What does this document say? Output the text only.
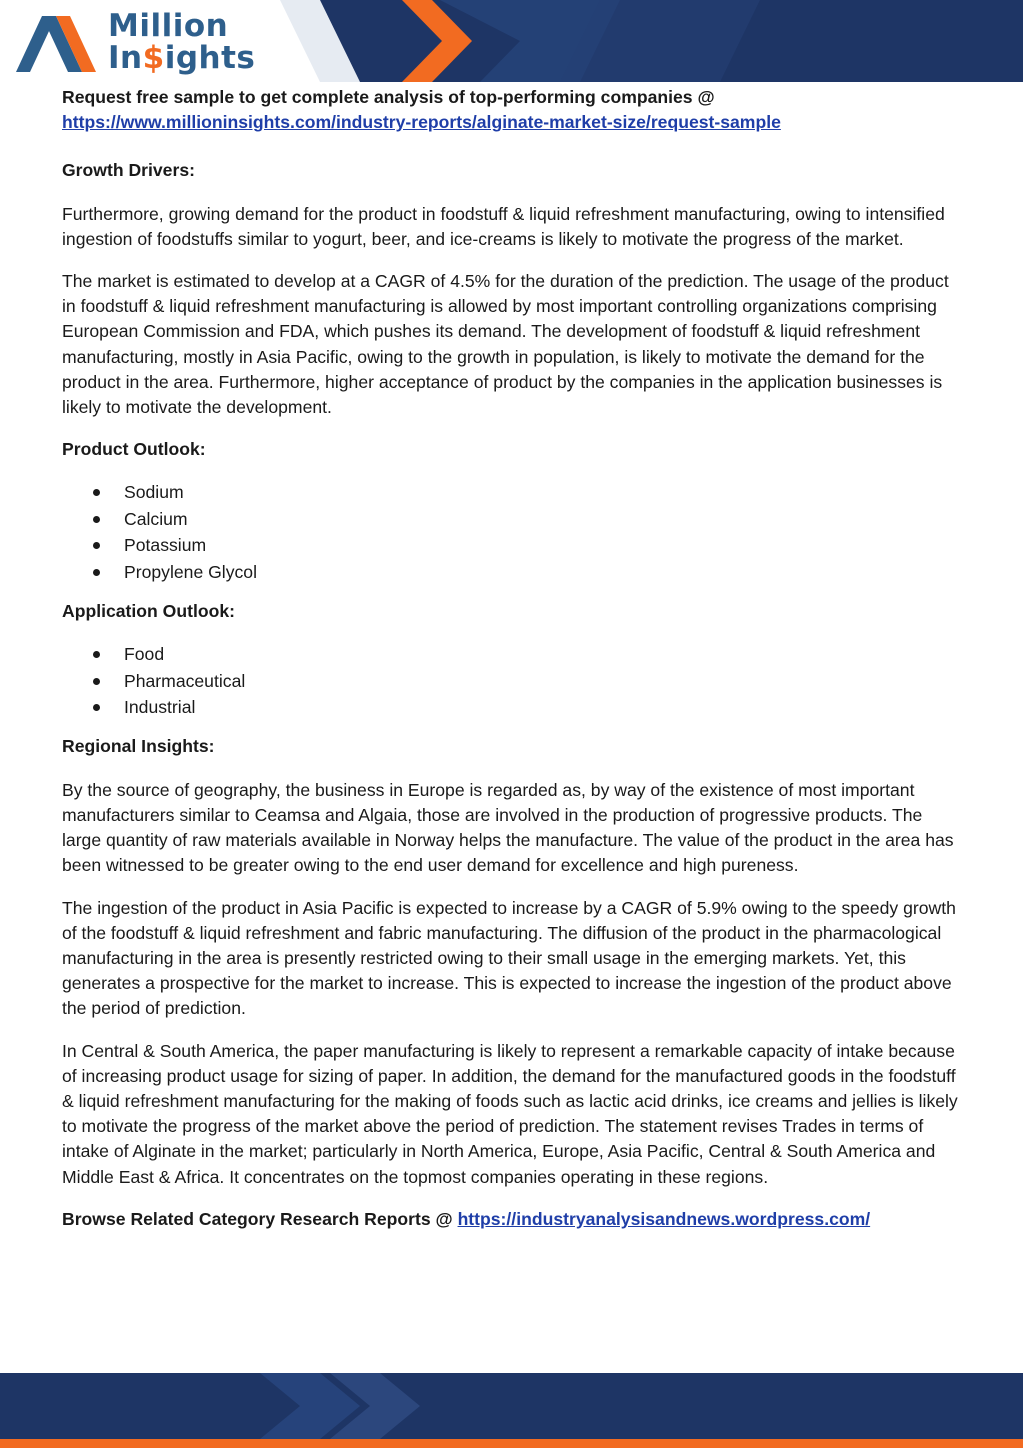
Million
In$ights

Request free sample to get complete analysis of top-performing companies @

https://www.millioninsights.com/industry-reports/alginate-market-size/request-sample

Growth Drivers:

Furthermore, growing demand for the product in foodstuff & liquid refreshment manufacturing, owing to intensified ingestion of foodstuffs similar to yogurt, beer, and ice-creams is likely to motivate the progress of the market.

The market is estimated to develop at a CAGR of 4.5% for the duration of the prediction. The usage of the product in foodstuff & liquid refreshment manufacturing is allowed by most important controlling organizations comprising European Commission and FDA, which pushes its demand. The development of foodstuff & liquid refreshment manufacturing, mostly in Asia Pacific, owing to the growth in population, is likely to motivate the demand for the product in the area. Furthermore, higher acceptance of product by the companies in the application businesses is likely to motivate the development.

Product Outlook:

Sodium
Calcium
Potassium
Propylene Glycol

Application Outlook:

Food
Pharmaceutical
Industrial

Regional Insights:

By the source of geography, the business in Europe is regarded as, by way of the existence of most important manufacturers similar to Ceamsa and Algaia, those are involved in the production of progressive products. The large quantity of raw materials available in Norway helps the manufacture. The value of the product in the area has been witnessed to be greater owing to the end user demand for excellence and high pureness.

The ingestion of the product in Asia Pacific is expected to increase by a CAGR of 5.9% owing to the speedy growth of the foodstuff & liquid refreshment and fabric manufacturing. The diffusion of the product in the pharmacological manufacturing in the area is presently restricted owing to their small usage in the emerging markets. Yet, this generates a prospective for the market to increase. This is expected to increase the ingestion of the product above the period of prediction.

In Central & South America, the paper manufacturing is likely to represent a remarkable capacity of intake because of increasing product usage for sizing of paper. In addition, the demand for the manufactured goods in the foodstuff & liquid refreshment manufacturing for the making of foods such as lactic acid drinks, ice creams and jellies is likely to motivate the progress of the market above the period of prediction. The statement revises Trades in terms of intake of Alginate in the market; particularly in North America, Europe, Asia Pacific, Central & South America and Middle East & Africa. It concentrates on the topmost companies operating in these regions.

Browse Related Category Research Reports @ https://industryanalysisandnews.wordpress.com/
